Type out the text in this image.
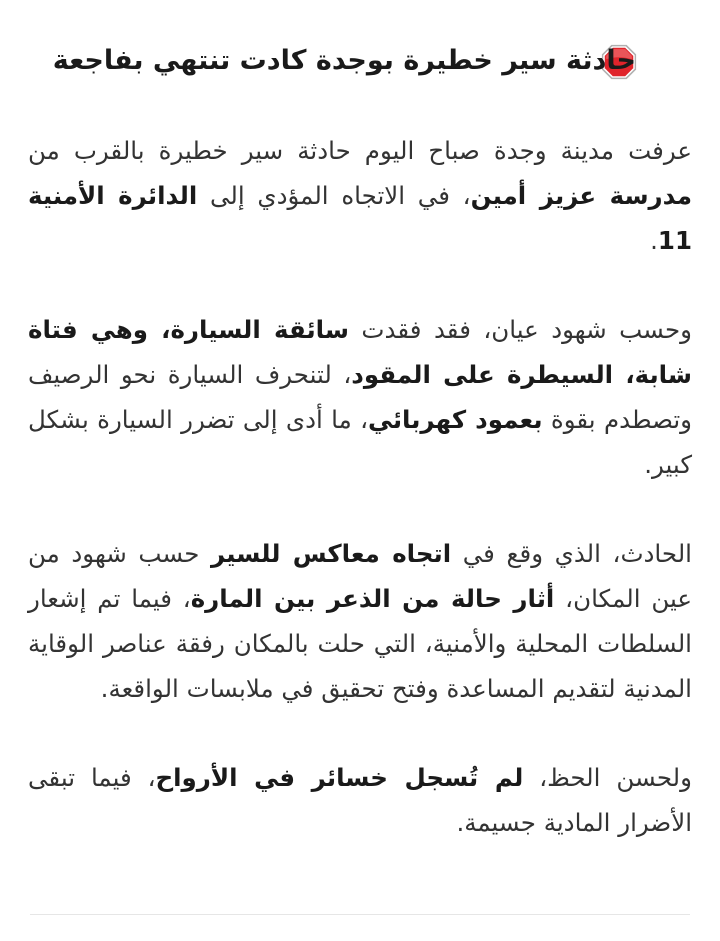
حادثة سير خطيرة بوجدة كادت تنتهي بفاجعة

عرفت مدينة وجدة صباح اليوم حادثة سير خطيرة بالقرب من مدرسة عزيز أمين، في الاتجاه المؤدي إلى الدائرة الأمنية 11.

وحسب شهود عيان، فقد فقدت سائقة السيارة، وهي فتاة شابة، السيطرة على المقود، لتنحرف السيارة نحو الرصيف وتصطدم بقوة بعمود كهربائي، ما أدى إلى تضرر السيارة بشكل كبير.

الحادث، الذي وقع في اتجاه معاكس للسير حسب شهود من عين المكان، أثار حالة من الذعر بين المارة، فيما تم إشعار السلطات المحلية والأمنية، التي حلت بالمكان رفقة عناصر الوقاية المدنية لتقديم المساعدة وفتح تحقيق في ملابسات الواقعة.

ولحسن الحظ، لم تُسجل خسائر في الأرواح، فيما تبقى الأضرار المادية جسيمة.
